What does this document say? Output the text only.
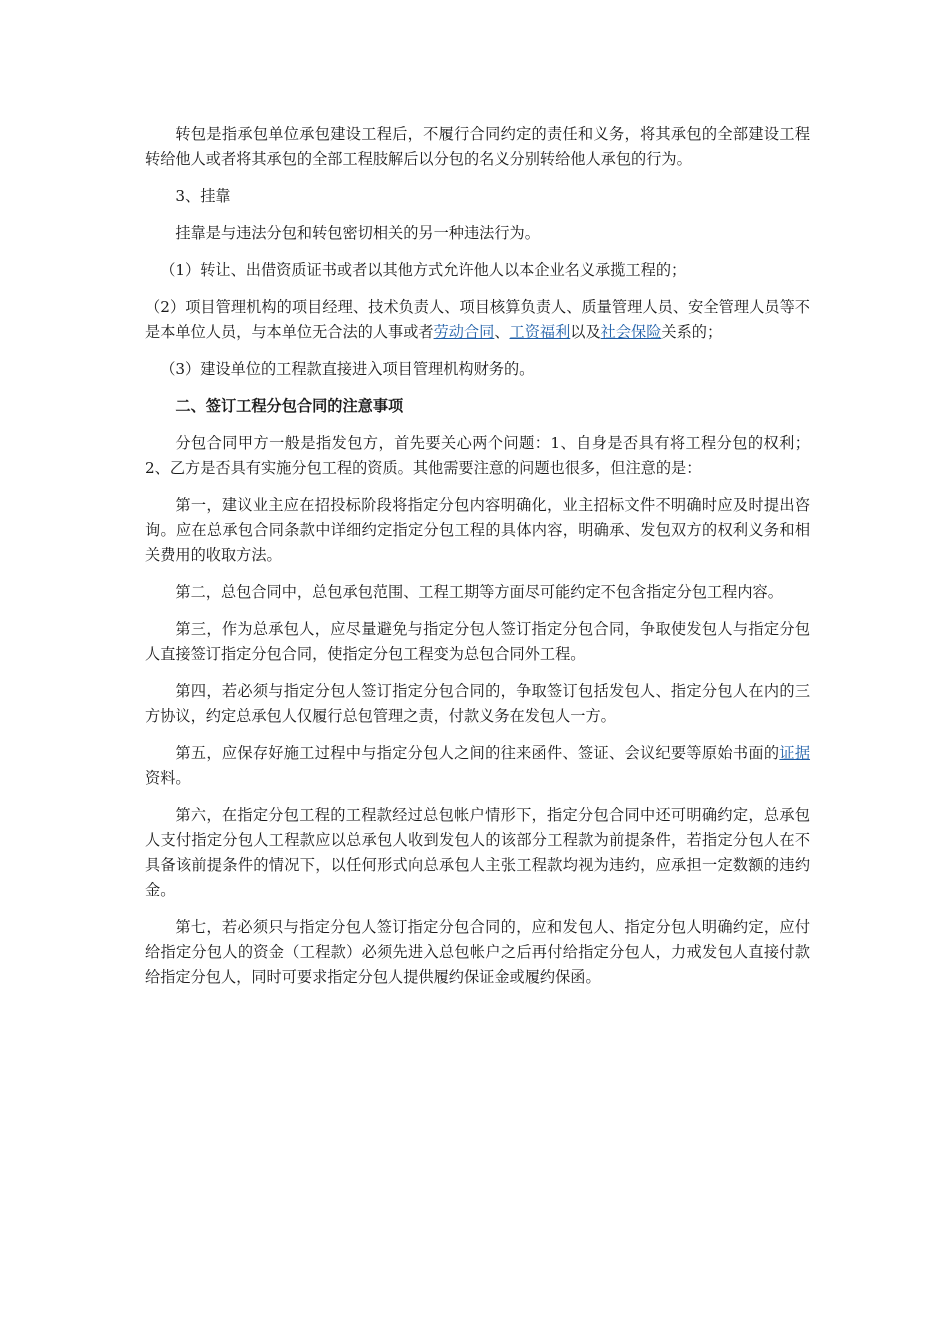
转包是指承包单位承包建设工程后，不履行合同约定的责任和义务，将其承包的全部建设工程转给他人或者将其承包的全部工程肢解后以分包的名义分别转给他人承包的行为。

3、挂靠

挂靠是与违法分包和转包密切相关的另一种违法行为。

（1）转让、出借资质证书或者以其他方式允许他人以本企业名义承揽工程的；

（2）项目管理机构的项目经理、技术负责人、项目核算负责人、质量管理人员、安全管理人员等不是本单位人员，与本单位无合法的人事或者劳动合同、工资福利以及社会保险关系的；

（3）建设单位的工程款直接进入项目管理机构财务的。

二、签订工程分包合同的注意事项

分包合同甲方一般是指发包方，首先要关心两个问题：1、自身是否具有将工程分包的权利；2、乙方是否具有实施分包工程的资质。其他需要注意的问题也很多，但注意的是：

第一，建议业主应在招投标阶段将指定分包内容明确化，业主招标文件不明确时应及时提出咨询。应在总承包合同条款中详细约定指定分包工程的具体内容，明确承、发包双方的权利义务和相关费用的收取方法。

第二，总包合同中，总包承包范围、工程工期等方面尽可能约定不包含指定分包工程内容。

第三，作为总承包人，应尽量避免与指定分包人签订指定分包合同，争取使发包人与指定分包人直接签订指定分包合同，使指定分包工程变为总包合同外工程。

第四，若必须与指定分包人签订指定分包合同的，争取签订包括发包人、指定分包人在内的三方协议，约定总承包人仅履行总包管理之责，付款义务在发包人一方。

第五，应保存好施工过程中与指定分包人之间的往来函件、签证、会议纪要等原始书面的证据资料。

第六，在指定分包工程的工程款经过总包帐户情形下，指定分包合同中还可明确约定，总承包人支付指定分包人工程款应以总承包人收到发包人的该部分工程款为前提条件，若指定分包人在不具备该前提条件的情况下，以任何形式向总承包人主张工程款均视为违约，应承担一定数额的违约金。

第七，若必须只与指定分包人签订指定分包合同的，应和发包人、指定分包人明确约定，应付给指定分包人的资金（工程款）必须先进入总包帐户之后再付给指定分包人，力戒发包人直接付款给指定分包人，同时可要求指定分包人提供履约保证金或履约保函。
